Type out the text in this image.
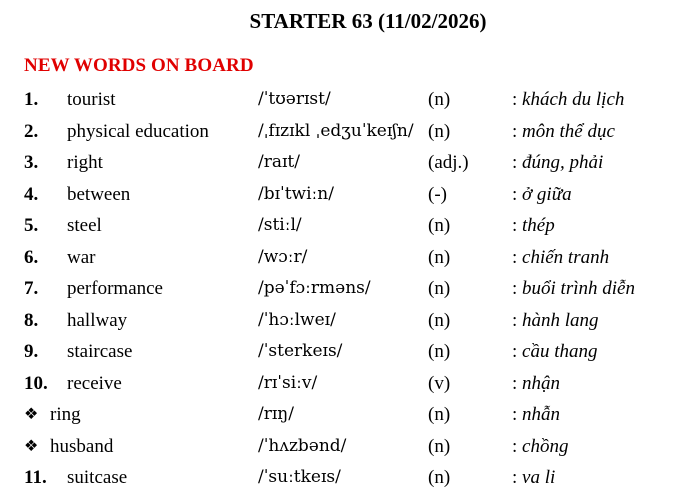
STARTER 63 (11/02/2026)
NEW WORDS ON BOARD
1. tourist	/ˈtʊərɪst/	(n)	: khách du lịch
2. physical education	/ˌfɪzɪkl ˌedʒuˈkeɪʃn/ (n)	: môn thể dục
3. right	/raɪt/	(adj.) : đúng, phải
4. between	/bɪˈtwiːn/	(-)	: ở giữa
5. steel	/stiːl/	(n)	: thép
6. war	/wɔːr/	(n)	: chiến tranh
7. performance	/pəˈfɔːrməns/	(n)	: buổi trình diễn
8. hallway	/ˈhɔːlweɪ/	(n)	: hành lang
9. staircase	/ˈsterkeɪs/	(n)	: cầu thang
10. receive	/rɪˈsiːv/	(v)	: nhận
❖ ring	/rɪŋ/	(n)	: nhẫn
❖ husband	/ˈhʌzbənd/	(n)	: chồng
11. suitcase	/ˈsuːtkeɪs/	(n)	: va li
